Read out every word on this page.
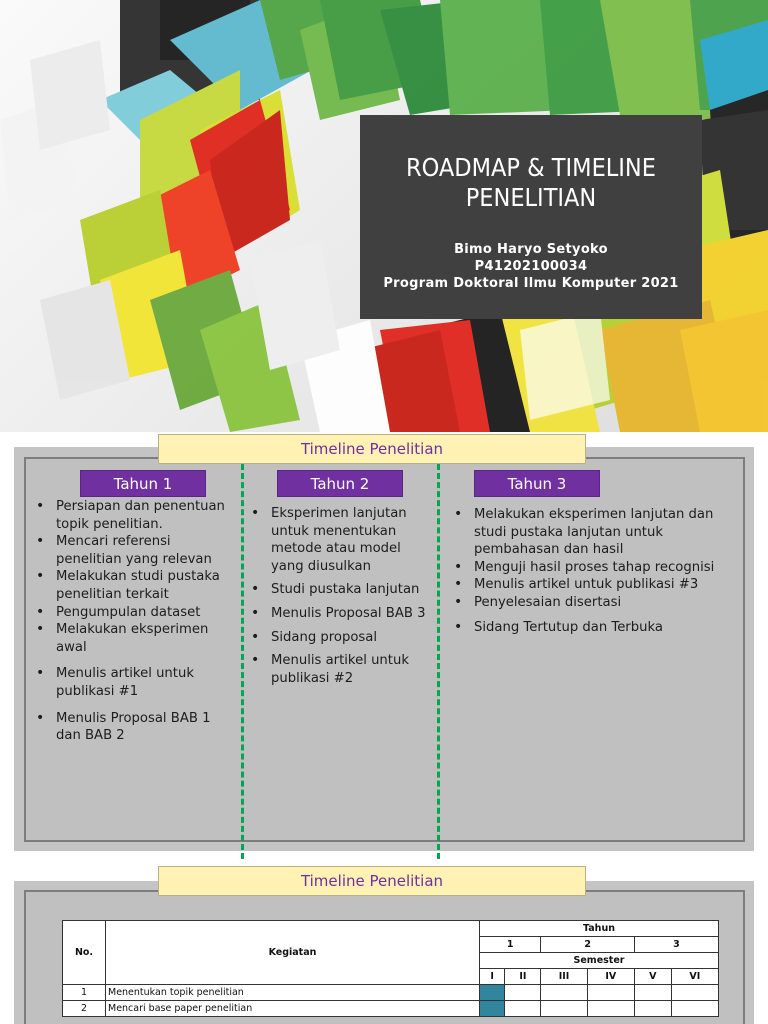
ROADMAP & TIMELINE
PENELITIAN
Bimo Haryo Setyoko
P41202100034
Program Doktoral Ilmu Komputer 2021
Timeline Penelitian
Tahun 1	Tahun 2	Tahun 3
• Persiapan dan penentuan topik penelitian.
• Mencari referensi penelitian yang relevan
• Melakukan studi pustaka penelitian terkait
• Pengumpulan dataset
• Melakukan eksperimen awal
• Menulis artikel untuk publikasi #1
• Menulis Proposal BAB 1 dan BAB 2
• Eksperimen lanjutan untuk menentukan metode atau model yang diusulkan
• Studi pustaka lanjutan
• Menulis Proposal BAB 3
• Sidang proposal
• Menulis artikel untuk publikasi #2
• Melakukan eksperimen lanjutan dan studi pustaka lanjutan untuk pembahasan dan hasil
• Menguji hasil proses tahap recognisi
• Menulis artikel untuk publikasi #3
• Penyelesaian disertasi
• Sidang Tertutup dan Terbuka
Timeline Penelitian
No.	Kegiatan	Tahun					
		1		2		3	
		Semester					
		I	II	III	IV	V	VI
1	Menentukan topik penelitian						
2	Mencari base paper penelitian						
